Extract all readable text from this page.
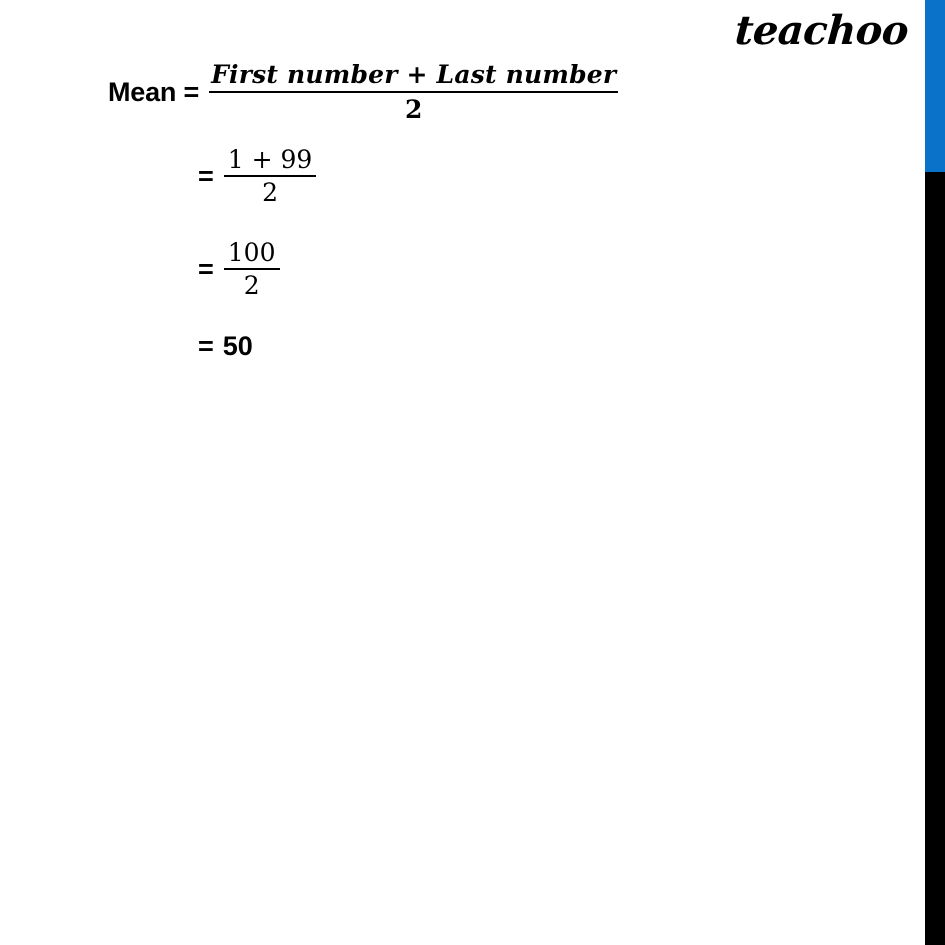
teachoo
Mean = $\frac{\text{First number + Last number}}{2}$
= $\frac{1 + 99}{2}$
= $\frac{100}{2}$
= 50
